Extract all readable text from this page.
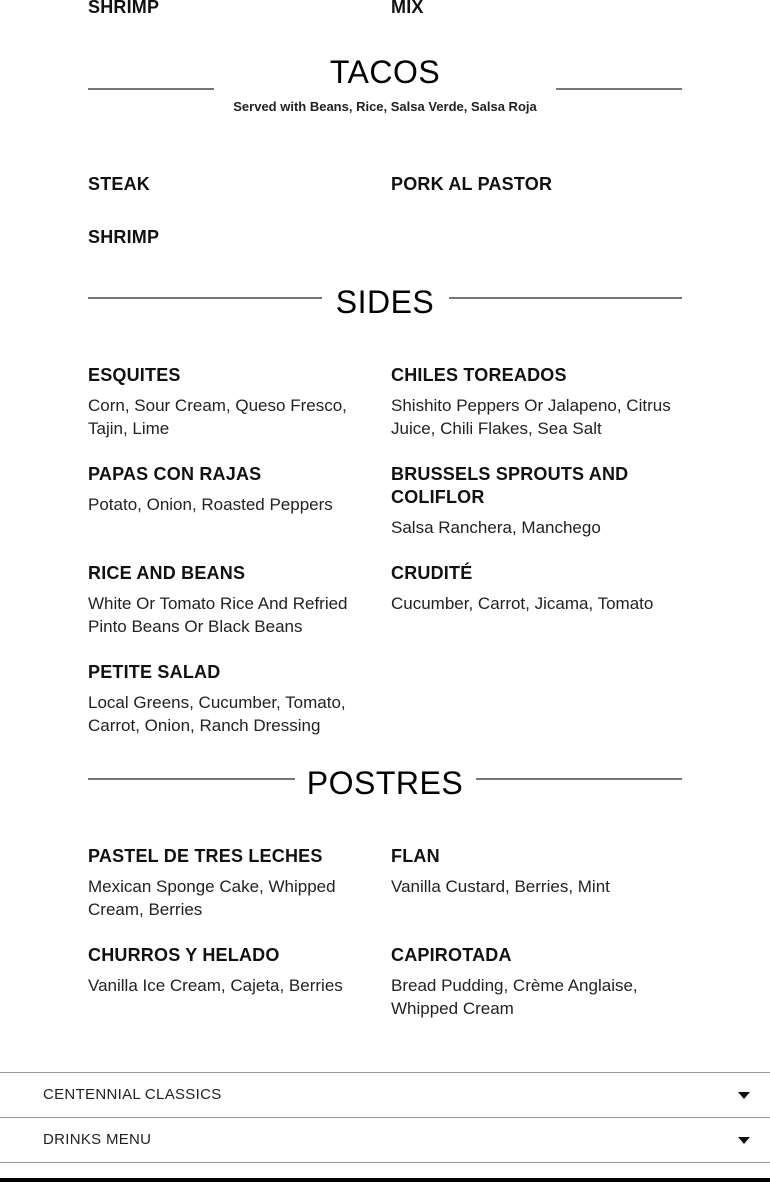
SHRIMP	MIX
TACOS
Served with Beans, Rice, Salsa Verde, Salsa Roja
STEAK	PORK AL PASTOR
SHRIMP
SIDES
ESQUITES
Corn, Sour Cream, Queso Fresco, Tajin, Lime
CHILES TOREADOS
Shishito Peppers Or Jalapeno, Citrus Juice, Chili Flakes, Sea Salt
PAPAS CON RAJAS
Potato, Onion, Roasted Peppers
BRUSSELS SPROUTS AND COLIFLOR
Salsa Ranchera, Manchego
RICE AND BEANS
White Or Tomato Rice And Refried Pinto Beans Or Black Beans
CRUDITÉ
Cucumber, Carrot, Jicama, Tomato
PETITE SALAD
Local Greens, Cucumber, Tomato, Carrot, Onion, Ranch Dressing
POSTRES
PASTEL DE TRES LECHES
Mexican Sponge Cake, Whipped Cream, Berries
FLAN
Vanilla Custard, Berries, Mint
CHURROS Y HELADO
Vanilla Ice Cream, Cajeta, Berries
CAPIROTADA
Bread Pudding, Crème Anglaise, Whipped Cream
CENTENNIAL CLASSICS
DRINKS MENU
